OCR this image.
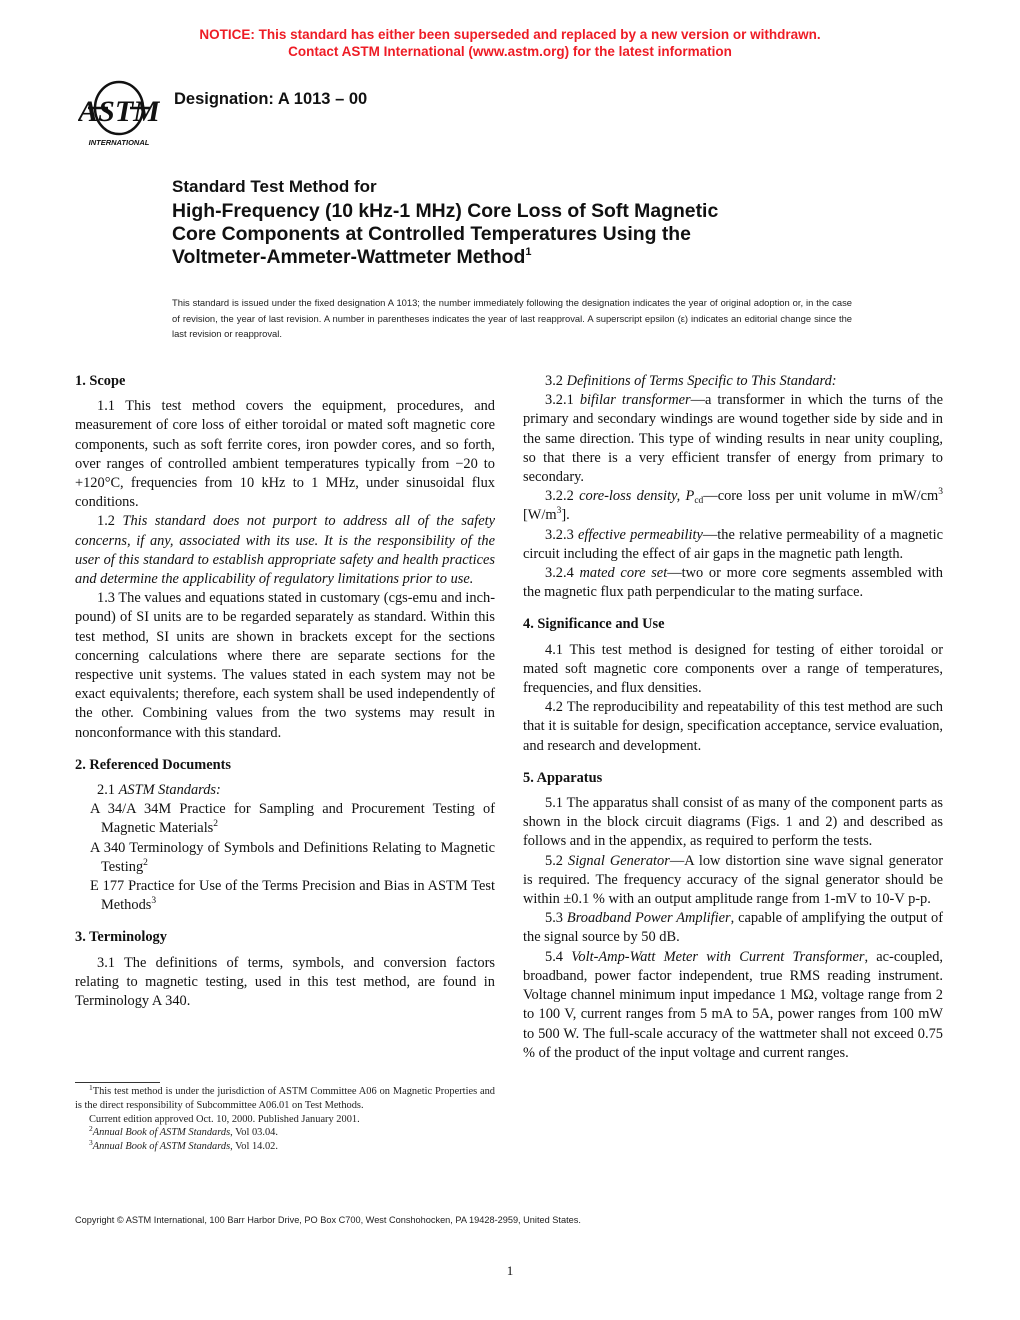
NOTICE: This standard has either been superseded and replaced by a new version or withdrawn.
Contact ASTM International (www.astm.org) for the latest information
ASTM
INTERNATIONAL
Designation: A 1013 – 00
Standard Test Method for
High-Frequency (10 kHz-1 MHz) Core Loss of Soft Magnetic
Core Components at Controlled Temperatures Using the
Voltmeter-Ammeter-Wattmeter Method$^1$
This standard is issued under the fixed designation A 1013; the number immediately following the designation indicates the year of original adoption or, in the case of revision, the year of last revision. A number in parentheses indicates the year of last reapproval. A superscript epsilon (ε) indicates an editorial change since the last revision or reapproval.
1. Scope

1.1 This test method covers the equipment, procedures, and measurement of core loss of either toroidal or mated soft magnetic core components, such as soft ferrite cores, iron powder cores, and so forth, over ranges of controlled ambient temperatures typically from −20 to +120°C, frequencies from 10 kHz to 1 MHz, under sinusoidal flux conditions.

1.2 This standard does not purport to address all of the safety concerns, if any, associated with its use. It is the responsibility of the user of this standard to establish appropriate safety and health practices and determine the applicability of regulatory limitations prior to use.

1.3 The values and equations stated in customary (cgs-emu and inch-pound) of SI units are to be regarded separately as standard. Within this test method, SI units are shown in brackets except for the sections concerning calculations where there are separate sections for the respective unit systems. The values stated in each system may not be exact equivalents; therefore, each system shall be used independently of the other. Combining values from the two systems may result in nonconformance with this standard.

2. Referenced Documents

2.1 ASTM Standards:

A 34/A 34M Practice for Sampling and Procurement Testing of Magnetic Materials$^2$

A 340 Terminology of Symbols and Definitions Relating to Magnetic Testing$^2$

E 177 Practice for Use of the Terms Precision and Bias in ASTM Test Methods$^3$

3. Terminology

3.1 The definitions of terms, symbols, and conversion factors relating to magnetic testing, used in this test method, are found in Terminology A 340.

3.2 Definitions of Terms Specific to This Standard:

3.2.1 bifilar transformer—a transformer in which the turns of the primary and secondary windings are wound together side by side and in the same direction. This type of winding results in near unity coupling, so that there is a very efficient transfer of energy from primary to secondary.

3.2.2 core-loss density, $P_{cd}—core$ loss per unit volume in $mW/cm^3$ $[W/m^3]$.

3.2.3 effective permeability—the relative permeability of a magnetic circuit including the effect of air gaps in the magnetic path length.

3.2.4 mated core set—two or more core segments assembled with the magnetic flux path perpendicular to the mating surface.

4. Significance and Use

4.1 This test method is designed for testing of either toroidal or mated soft magnetic core components over a range of temperatures, frequencies, and flux densities.

4.2 The reproducibility and repeatability of this test method are such that it is suitable for design, specification acceptance, service evaluation, and research and development.

5. Apparatus

5.1 The apparatus shall consist of as many of the component parts as shown in the block circuit diagrams (Figs. 1 and 2) and described as follows and in the appendix, as required to perform the tests.

5.2 Signal Generator—A low distortion sine wave signal generator is required. The frequency accuracy of the signal generator should be within ±0.1 % with an output amplitude range from 1-mV to 10-V p-p.

5.3 Broadband Power Amplifier, capable of amplifying the output of the signal source by 50 dB.

5.4 Volt-Amp-Watt Meter with Current Transformer, ac-coupled, broadband, power factor independent, true RMS reading instrument. Voltage channel minimum input impedance 1 MΩ, voltage range from 2 to 100 V, current ranges from 5 mA to 5A, power ranges from 100 mW to 500 W. The full-scale accuracy of the wattmeter shall not exceed 0.75 % of the product of the input voltage and current ranges.

$^1$This test method is under the jurisdiction of ASTM Committee A06 on Magnetic Properties and is the direct responsibility of Subcommittee A06.01 on Test Methods.

Current edition approved Oct. 10, 2000. Published January 2001.

$^2$Annual Book of ASTM Standards, Vol 03.04.

$^3$Annual Book of ASTM Standards, Vol 14.02.

Copyright © ASTM International, 100 Barr Harbor Drive, PO Box C700, West Conshohocken, PA 19428-2959, United States.
1
